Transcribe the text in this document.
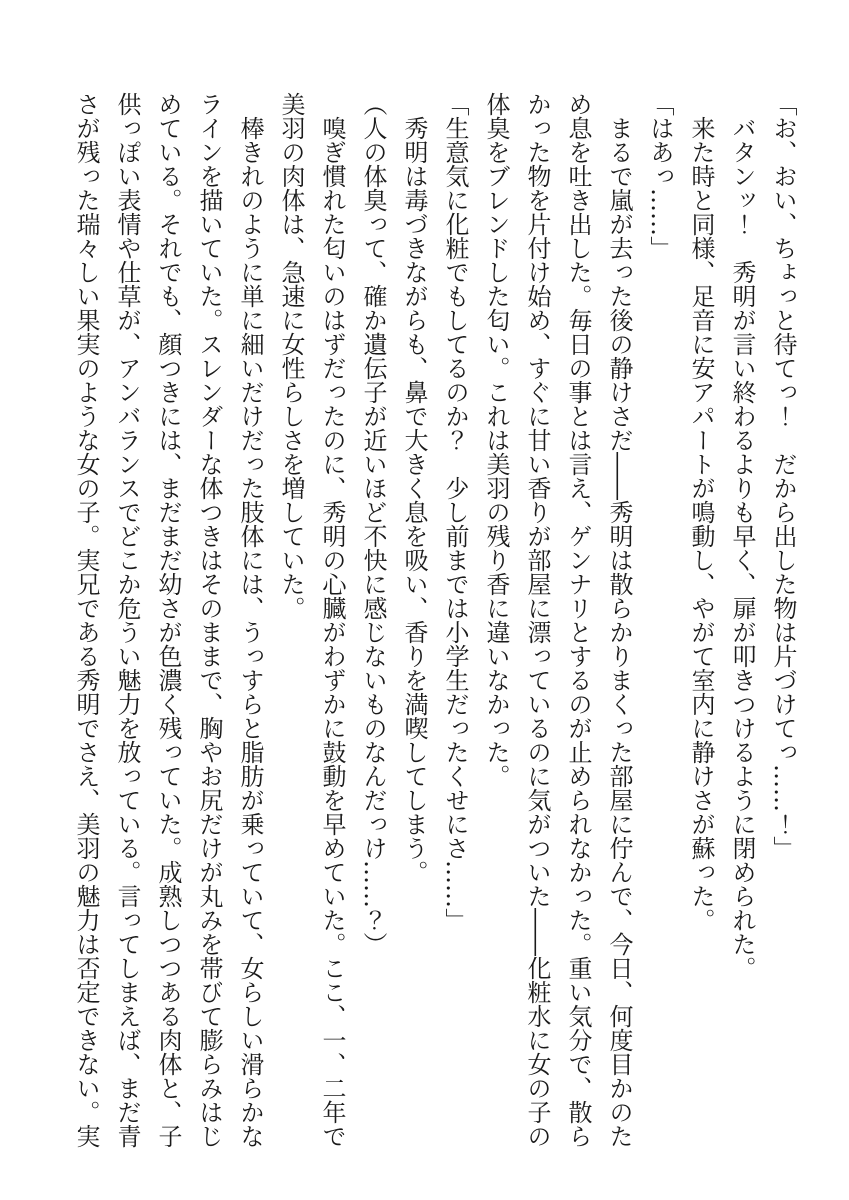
「お、おい、ちょっと待てっ！　だから出した物は片づけてっ……！」

　バタンッ！　秀明が言い終わるよりも早く、扉が叩きつけるように閉められた。

　来た時と同様、足音に安アパートが鳴動し、やがて室内に静けさが蘇った。

「はあっ……」

　まるで嵐が去った後の静けさだ――秀明は散らかりまくった部屋に佇んで、今日、何度目かのため息を吐き出した。毎日の事とは言え、ゲンナリとするのが止められなかった。重い気分で、散らかった物を片付け始め、すぐに甘い香りが部屋に漂っているのに気がついた――化粧水に女の子の体臭をブレンドした匂い。これは美羽の残り香に違いなかった。

「生意気に化粧でもしてるのか？　少し前までは小学生だったくせにさ……」

　秀明は毒づきながらも、鼻で大きく息を吸い、香りを満喫してしまう。

（人の体臭って、確か遺伝子が近いほど不快に感じないものなんだっけ……？）

　嗅ぎ慣れた匂いのはずだったのに、秀明の心臓がわずかに鼓動を早めていた。ここ、一、二年で美羽の肉体は、急速に女性らしさを増していた。

　棒きれのように単に細いだけだった肢体には、うっすらと脂肪が乗っていて、女らしい滑らかなラインを描いていた。スレンダーな体つきはそのままで、胸やお尻だけが丸みを帯びて膨らみはじめている。それでも、顔つきには、まだまだ幼さが色濃く残っていた。成熟しつつある肉体と、子供っぽい表情や仕草が、アンバランスでどこか危うい魅力を放っている。言ってしまえば、まだ青さが残った瑞々しい果実のような女の子。実兄である秀明でさえ、美羽の魅力は否定できない。実
